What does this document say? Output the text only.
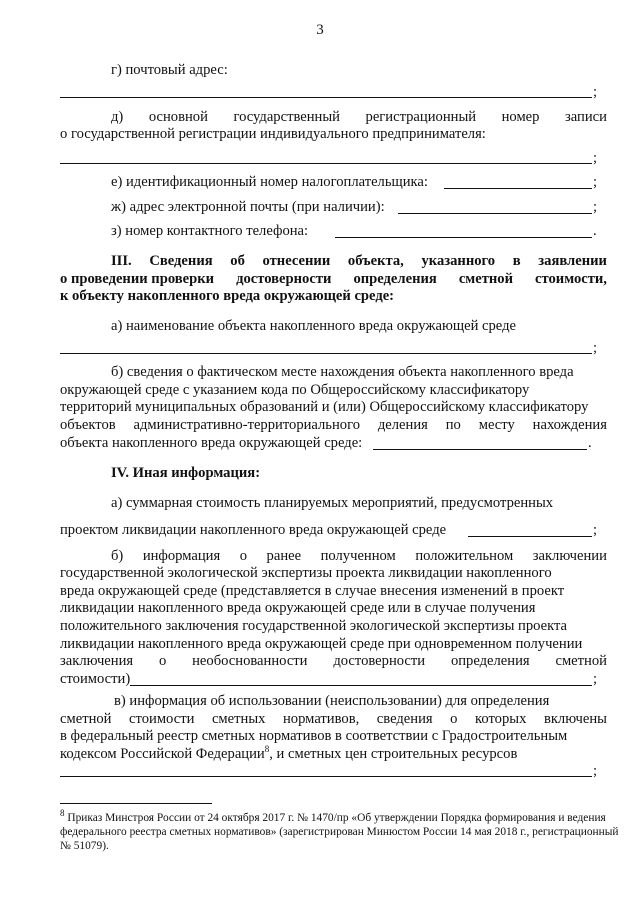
3
г) почтовый адрес:
;
д) основной государственный регистрационный номер записи
о государственной регистрации индивидуального предпринимателя:
;
е) идентификационный номер налогоплательщика:	;
ж) адрес электронной почты (при наличии):	;
з) номер контактного телефона:	.
III. Сведения об отнесении объекта, указанного в заявлении
о проведении проверки достоверности определения сметной стоимости,
к объекту накопленного вреда окружающей среде:
а) наименование объекта накопленного вреда окружающей среде
;
б) сведения о фактическом месте нахождения объекта накопленного вреда
окружающей среде с указанием кода по Общероссийскому классификатору
территорий муниципальных образований и (или) Общероссийскому классификатору
объектов административно-территориального деления по месту нахождения
объекта накопленного вреда окружающей среде:	.
IV. Иная информация:
а) суммарная стоимость планируемых мероприятий, предусмотренных
проектом ликвидации накопленного вреда окружающей среде	;
б) информация о ранее полученном положительном заключении
государственной экологической экспертизы проекта ликвидации накопленного
вреда окружающей среде (представляется в случае внесения изменений в проект
ликвидации накопленного вреда окружающей среде или в случае получения
положительного заключения государственной экологической экспертизы проекта
ликвидации накопленного вреда окружающей среде при одновременном получении
заключения о необоснованности достоверности определения сметной
стоимости)	;
в) информация об использовании (неиспользовании) для определения
сметной стоимости сметных нормативов, сведения о которых включены
в федеральный реестр сметных нормативов в соответствии с Градостроительным
кодексом Российской Федерации$^8$, и сметных цен строительных ресурсов
;
$^8$ Приказ Минстроя России от 24 октября 2017 г. № 1470/пр «Об утверждении Порядка формирования и ведения
федерального реестра сметных нормативов» (зарегистрирован Минюстом России 14 мая 2018 г., регистрационный
№ 51079).
